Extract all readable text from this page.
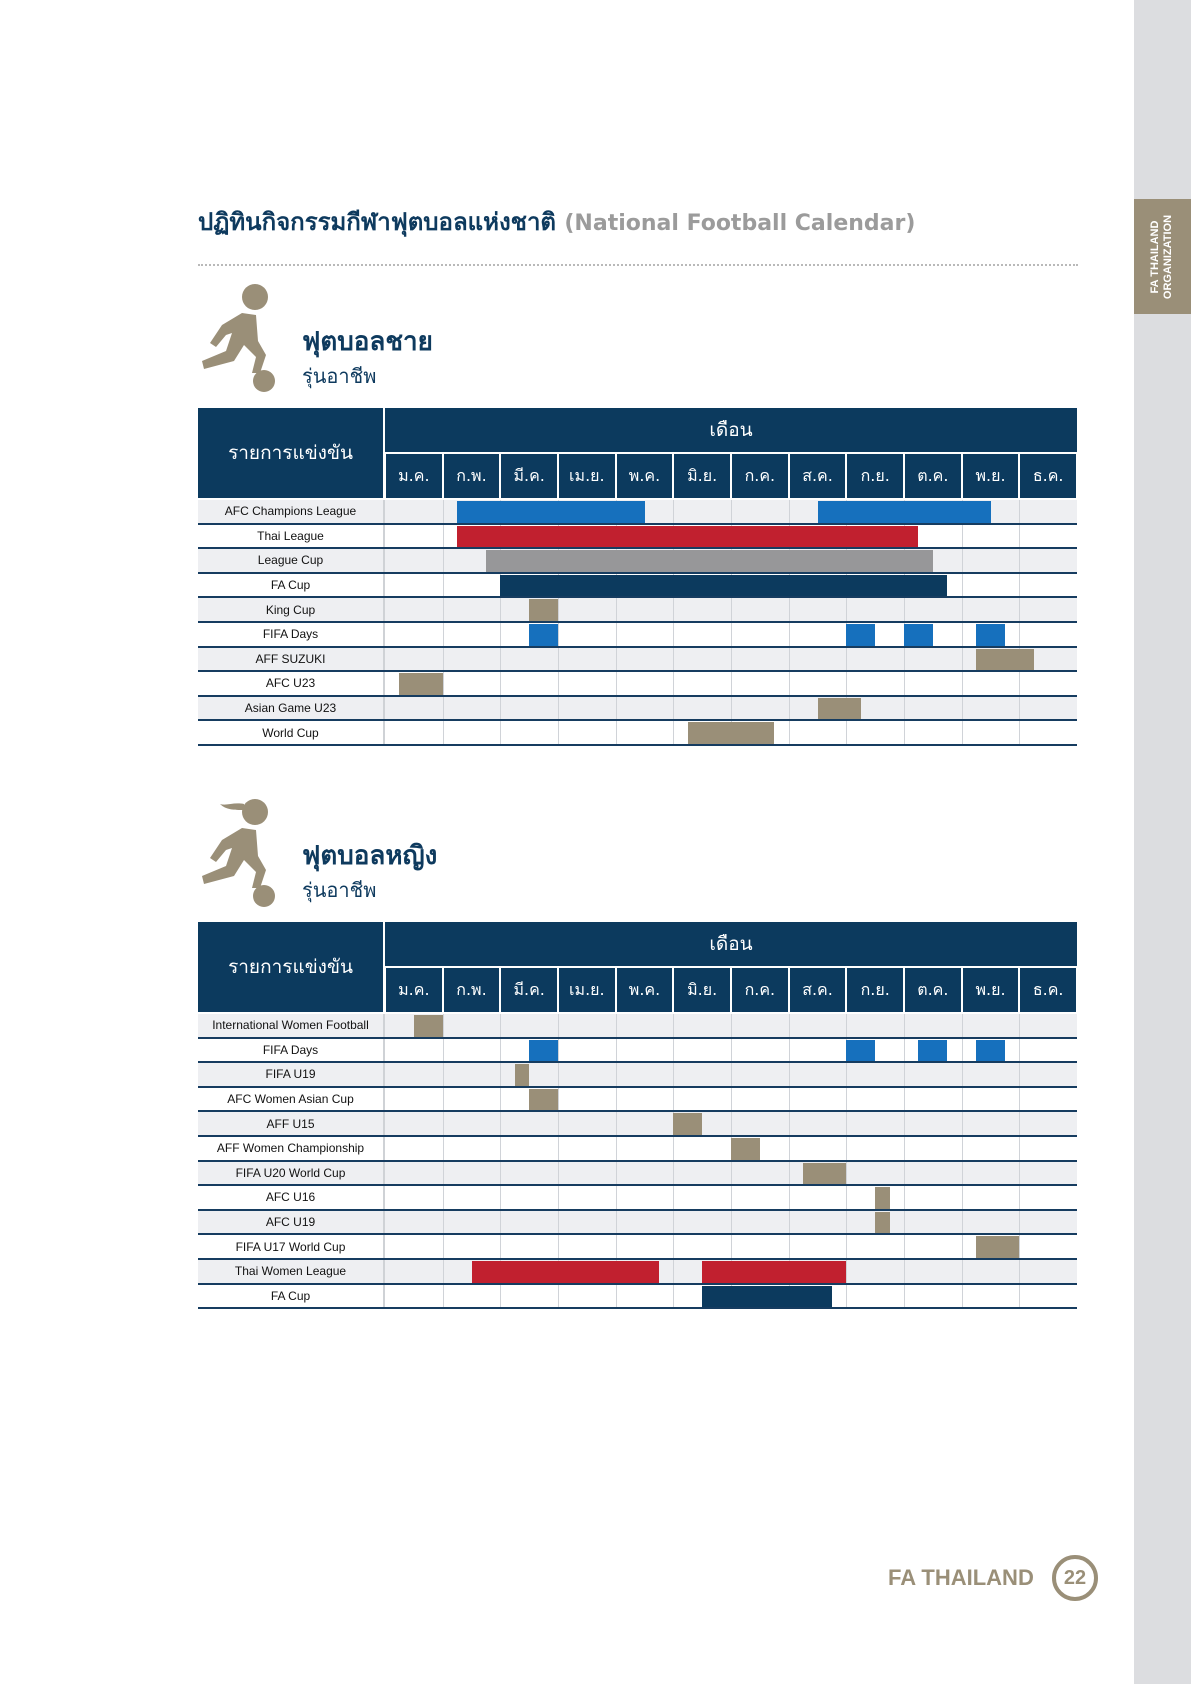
FA THAILAND
ORGANIZATION
ปฏิทินกิจกรรมกีฬาฟุตบอลแห่งชาติ (National Football Calendar)
ฟุตบอลชาย
รุ่นอาชีพ
รายการแข่งขัน
เดือน
ม.ค.	ก.พ.	มี.ค.	เม.ย.	พ.ค.	มิ.ย.	ก.ค.	ส.ค.	ก.ย.	ต.ค.	พ.ย.	ธ.ค.
AFC Champions League
Thai League
League Cup
FA Cup
King Cup
FIFA Days
AFF SUZUKI
AFC U23
Asian Game U23
World Cup
ฟุตบอลหญิง
รุ่นอาชีพ
รายการแข่งขัน
เดือน
ม.ค.	ก.พ.	มี.ค.	เม.ย.	พ.ค.	มิ.ย.	ก.ค.	ส.ค.	ก.ย.	ต.ค.	พ.ย.	ธ.ค.
International Women Football
FIFA Days
FIFA U19
AFC Women Asian Cup
AFF U15
AFF Women Championship
FIFA U20 World Cup
AFC U16
AFC U19
FIFA U17 World Cup
Thai Women League
FA Cup
FA THAILAND	22
